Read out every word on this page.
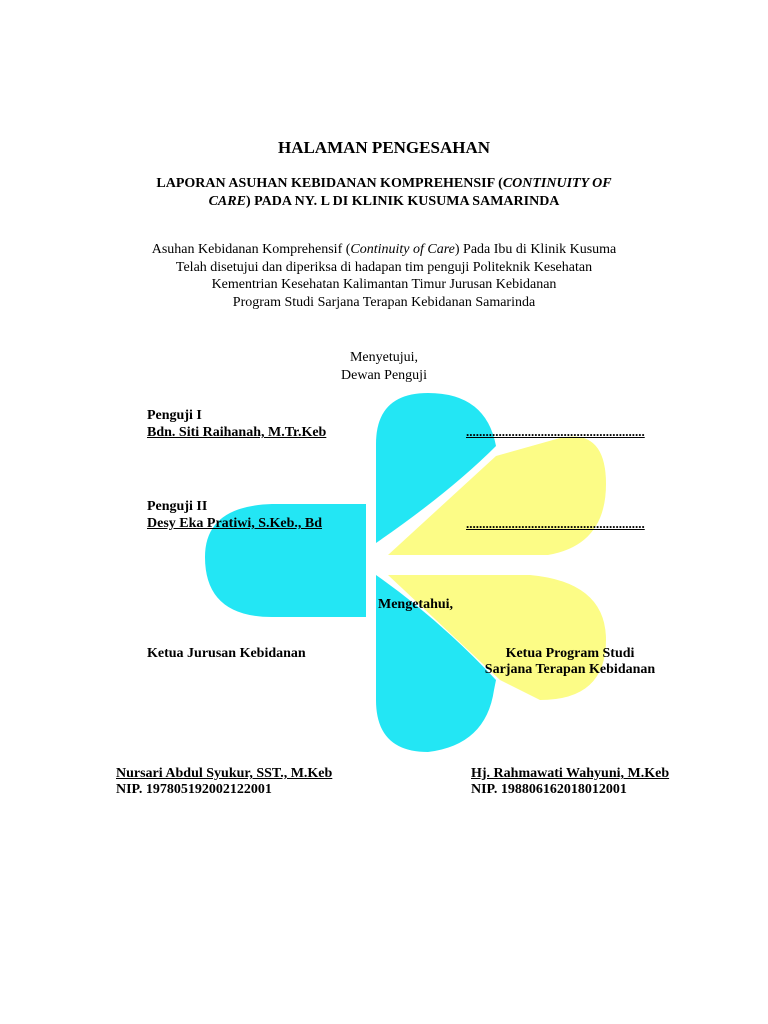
HALAMAN PENGESAHAN
LAPORAN ASUHAN KEBIDANAN KOMPREHENSIF (CONTINUITY OF
CARE) PADA NY. L DI KLINIK KUSUMA SAMARINDA
Asuhan Kebidanan Komprehensif (Continuity of Care) Pada Ibu di Klinik Kusuma
Telah disetujui dan diperiksa di hadapan tim penguji Politeknik Kesehatan
Kementrian Kesehatan Kalimantan Timur Jurusan Kebidanan
Program Studi Sarjana Terapan Kebidanan Samarinda
Menyetujui,
Dewan Penguji
Penguji I
Bdn. Siti Raihanah, M.Tr.Keb	.......................................................
Penguji II
Desy Eka Pratiwi, S.Keb., Bd	.......................................................
Mengetahui,
Ketua Jurusan Kebidanan
Nursari Abdul Syukur, SST., M.Keb
NIP. 197805192002122001
Ketua Program Studi
Sarjana Terapan Kebidanan
Hj. Rahmawati Wahyuni, M.Keb
NIP. 198806162018012001
